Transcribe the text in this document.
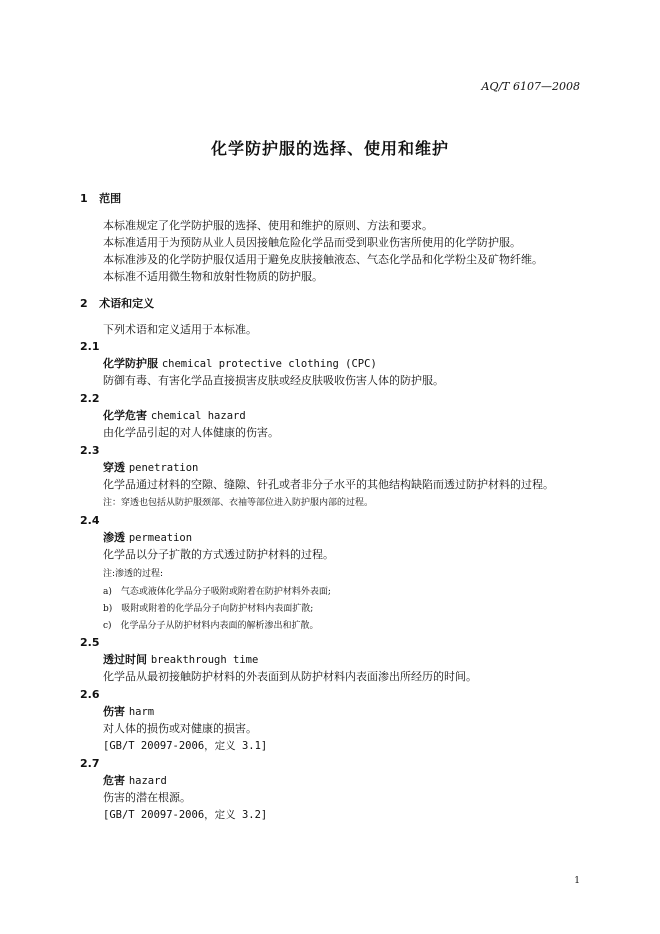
AQ/T 6107—2008
化学防护服的选择、使用和维护
1 范围
本标准规定了化学防护服的选择、使用和维护的原则、方法和要求。
本标准适用于为预防从业人员因接触危险化学品而受到职业伤害所使用的化学防护服。
本标准涉及的化学防护服仅适用于避免皮肤接触液态、气态化学品和化学粉尘及矿物纤维。
本标准不适用微生物和放射性物质的防护服。
2 术语和定义
下列术语和定义适用于本标准。
2.1
化学防护服 chemical protective clothing (CPC)
防御有毒、有害化学品直接损害皮肤或经皮肤吸收伤害人体的防护服。
2.2
化学危害 chemical hazard
由化学品引起的对人体健康的伤害。
2.3
穿透 penetration
化学品通过材料的空隙、缝隙、针孔或者非分子水平的其他结构缺陷而透过防护材料的过程。
注：穿透也包括从防护服颈部、衣袖等部位进入防护服内部的过程。
2.4
渗透 permeation
化学品以分子扩散的方式透过防护材料的过程。
注:渗透的过程:
a)　气态或液体化学品分子吸附或附着在防护材料外表面;
b)　吸附或附着的化学品分子向防护材料内表面扩散;
c)　化学品分子从防护材料内表面的解析渗出和扩散。
2.5
透过时间 breakthrough time
化学品从最初接触防护材料的外表面到从防护材料内表面渗出所经历的时间。
2.6
伤害 harm
对人体的损伤或对健康的损害。
[GB/T 20097-2006，定义 3.1]
2.7
危害 hazard
伤害的潜在根源。
[GB/T 20097-2006，定义 3.2]
1
